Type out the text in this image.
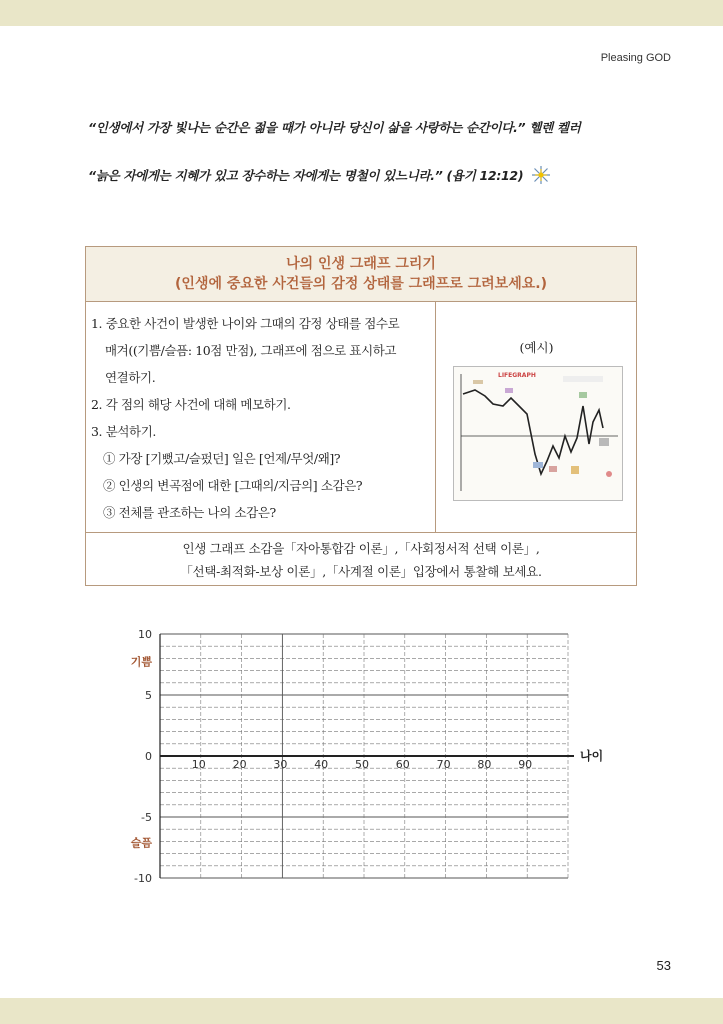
Pleasing GOD
“인생에서 가장 빛나는 순간은 젊을 때가 아니라 당신이 삶을 사랑하는 순간이다.” 헬렌 켈러
“늙은 자에게는 지혜가 있고 장수하는 자에게는 명철이 있느니라.” (욥기 12:12)
나의 인생 그래프 그리기
(인생에 중요한 사건들의 감정 상태를 그래프로 그려보세요.)
1. 중요한 사건이 발생한 나이와 그때의 감정 상태를 점수로
매겨((기쁨/슬픔: 10점 만점), 그래프에 점으로 표시하고
연결하기.
2. 각 점의 해당 사건에 대해 메모하기.
3. 분석하기.
① 가장 [기뻤고/슬펐던] 일은 [언제/무엇/왜]?
② 인생의 변곡점에 대한 [그때의/지금의] 소감은?
③ 전체를 관조하는 나의 소감은?
(예시)
LIFEGRAPH
인생 그래프 소감을「자아통합감 이론」,「사회정서적 선택 이론」,
「선택-최적화-보상 이론」,「사계절 이론」입장에서 통찰해 보세요.
10
5
0
-5
-10
10 20 30 40 50 60 70 80 90
기쁨
슬픔
나이
53
